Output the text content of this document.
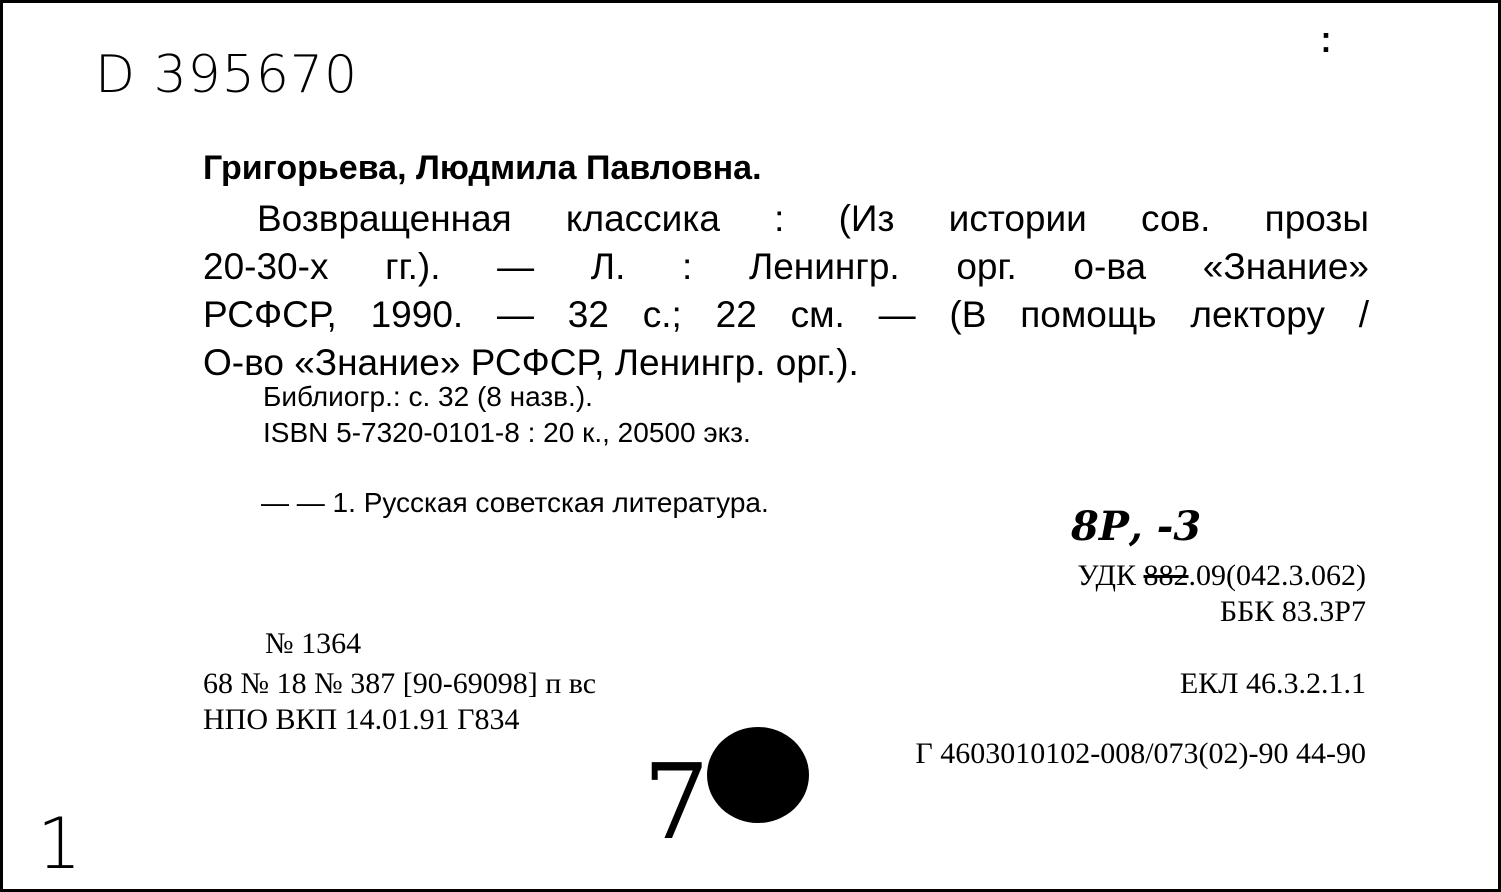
D 395670
⁚
Григорьева, Людмила Павловна.
Возвращенная классика : (Из истории сов. прозы
20-30-х гг.). — Л. : Ленингр. орг. о-ва «Знание»
РСФСР, 1990. — 32 с.; 22 см. — (В помощь лектору /
О-во «Знание» РСФСР, Ленингр. орг.).
Библиогр.: с. 32 (8 назв.).
ISBN 5-7320-0101-8 : 20 к., 20500 экз.
— — 1. Русская советская литература.
8Р, -3
УДК 882.09(042.3.062)
ББК 83.3Р7
№ 1364
68 № 18 № 387 [90-69098] п вс
НПО ВКП 14.01.91 Г834
ЕКЛ 46.3.2.1.1
Г 4603010102-008/073(02)-90 44-90
7
1
